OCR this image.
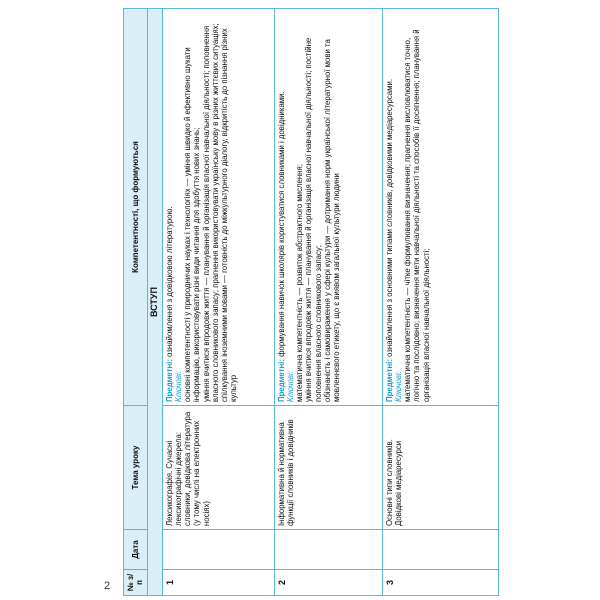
2 № з/п	Дата	Тема уроку	Компетентності, що формуються
ВСТУП			
1		Лексикографія. Сучасні лексикографічні джерела: словники, довідкова література (у тому числі на електронних носіях)	Предметні: ознайомлення з довідковою літературою.
Ключові: основні компетентності у природничих науках і технологіях — уміння швидко й ефективно шукати інформацію, використовувати різні види читання для здобуття нових знань; уміння вчитися впродовж життя — планування й організація власної навчальної діяльності; поповнення власного словникового запасу; прагнення використовувати українську мову в різних життєвих ситуаціях; спілкування іноземними мовами — готовність до міжкультурного діалогу, відкритість до пізнання різних культур

2		Інформативна й нормативна функції словників і довідників	Предметні: формування навичок школярів користуватися словниками і довідниками.
Ключові: математична компетентність — розвиток абстрактного мислення; уміння вчитися впродовж життя — планування й організація власної навчальної діяльності; постійне поповнення власного словникового запасу; обізнаність і самовираження у сфері культури — дотримання норм української літературної мови та мовленнєвого етикету, що є виявом загальної культури людини

3		Основні типи словників. Довідкові медіаресурси	Предметні: ознайомлення з основними типами словників, довідковими медіаресурсами.
Ключові: математична компетентність — чітке формулювання визначення; прагнення висловлюватися точно, логічно та послідовно; визначення мети навчальної діяльності та способів її досягнення; планування й організація власної навчальної діяльності;
